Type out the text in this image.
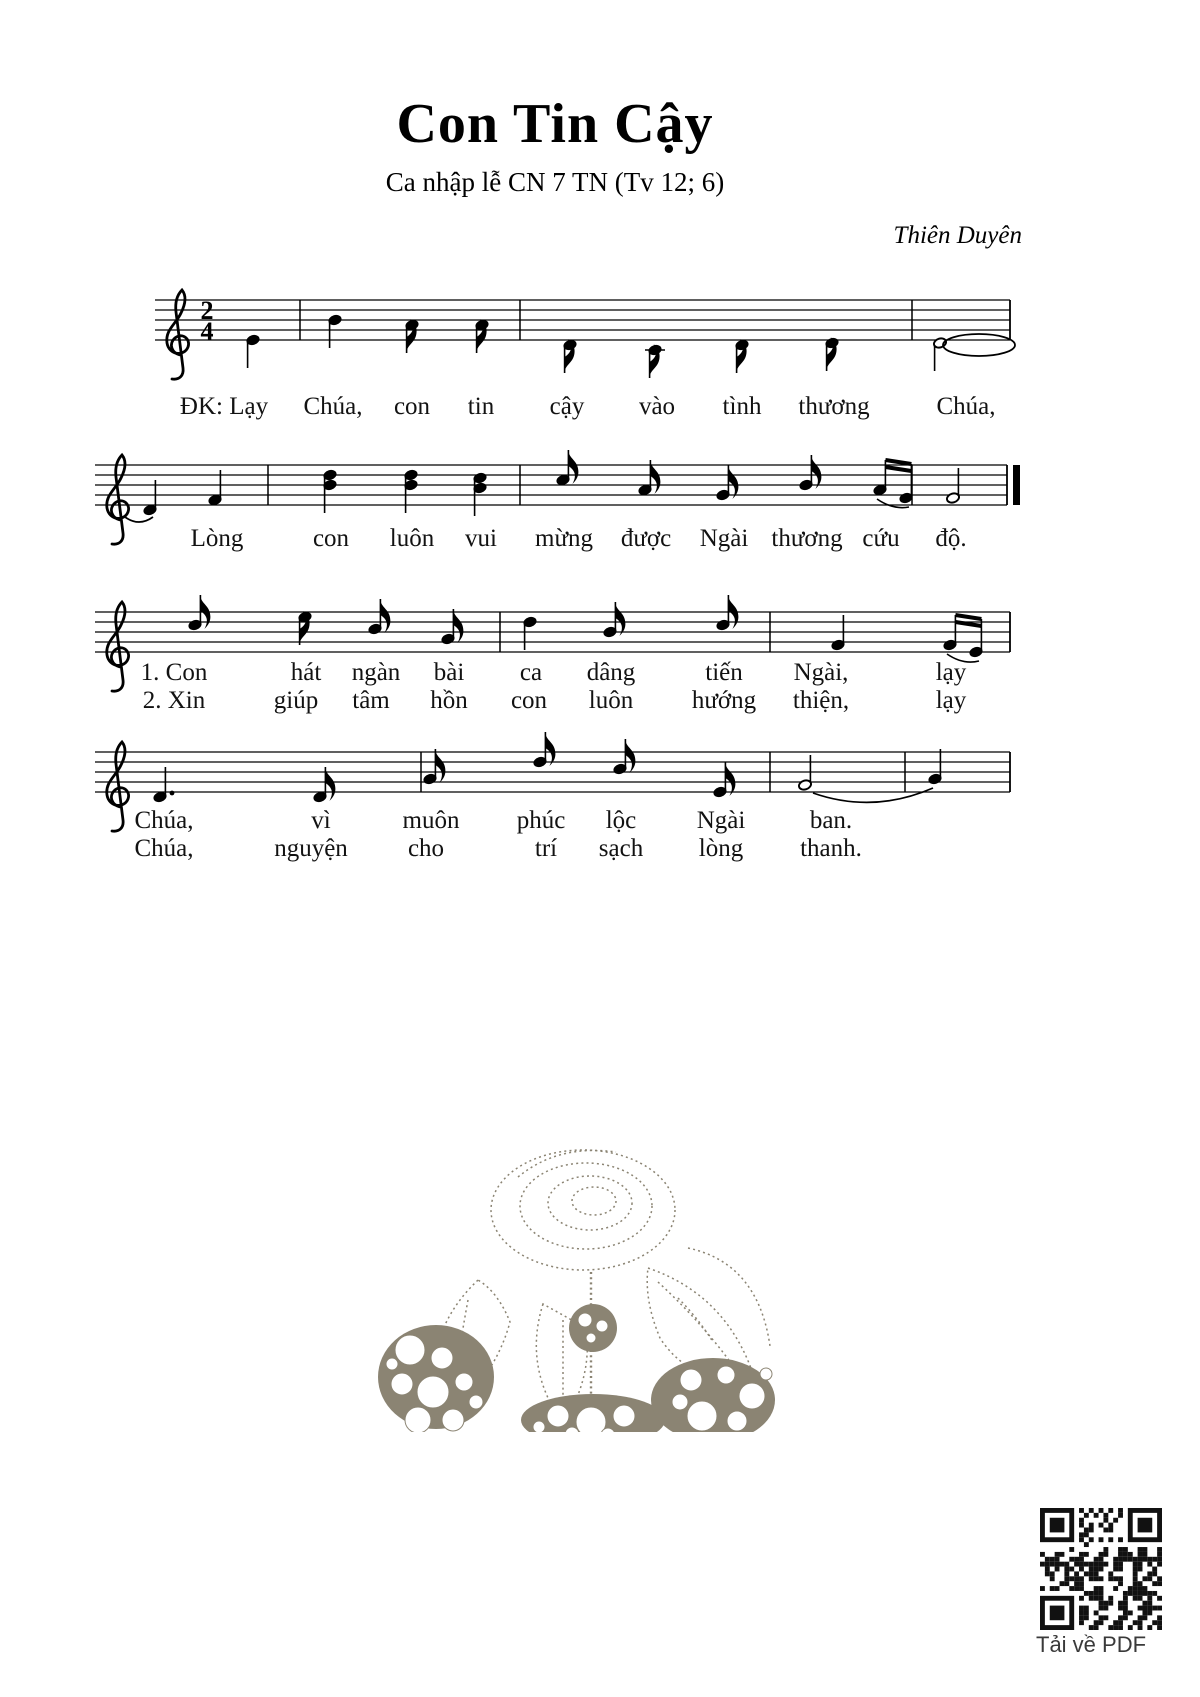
Con Tin Cậy
Ca nhập lễ CN 7 TN (Tv 12; 6)
Thiên Duyên
2
4
ĐK: Lạy Chúa, con tin cậy vào tình thương	Chúa,
Lòng	con luôn vui mừng được Ngài thương cứu độ.
1. Con	hát ngàn bài ca dâng	tiến Ngài,	lạy
2. Xin	giúp tâm hồn con luôn hướng thiện,	lạy
Chúa,	vì	muôn phúc lộc Ngài	ban.
Chúa,	nguyện cho	trí sạch lòng thanh.
Tải về PDF
